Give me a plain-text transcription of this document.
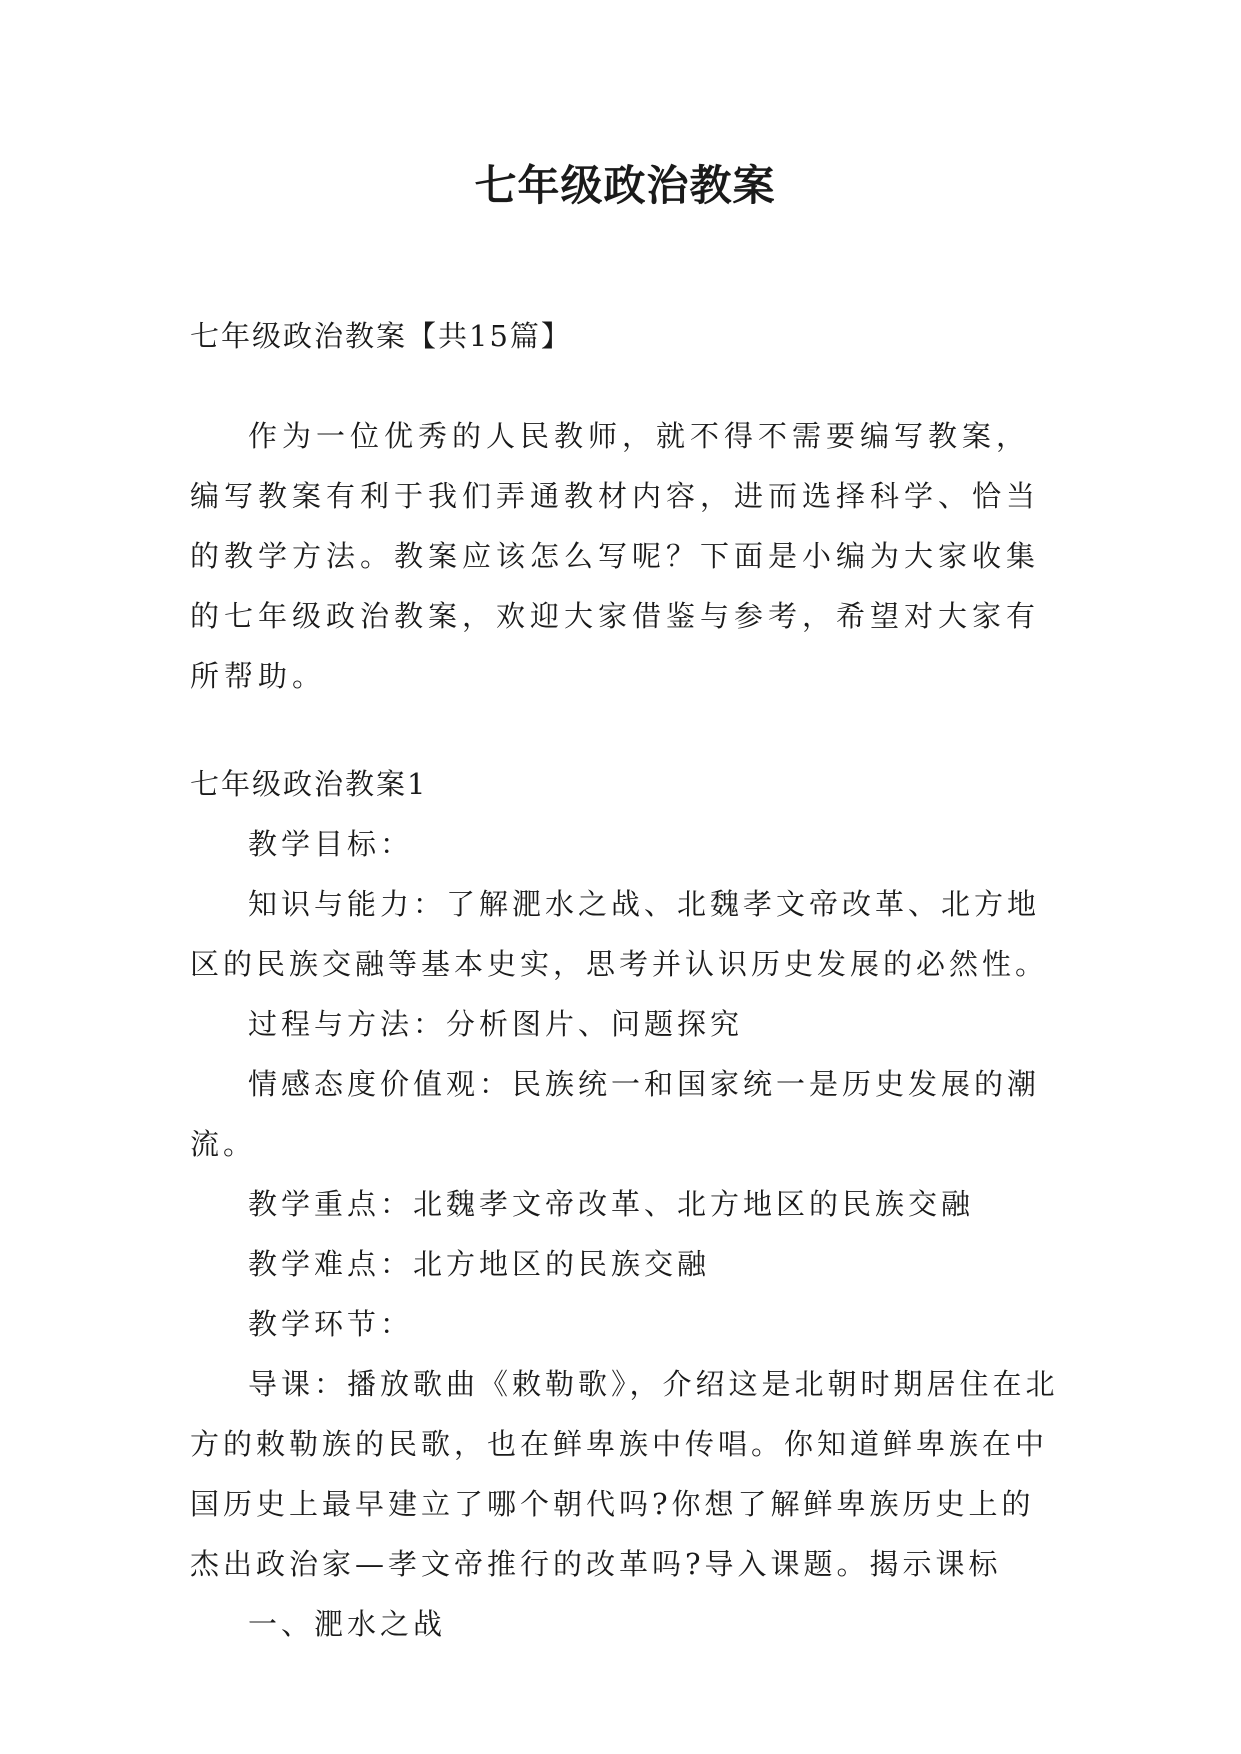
七年级政治教案

七年级政治教案【共15篇】

作为一位优秀的人民教师，就不得不需要编写教案，编写教案有利于我们弄通教材内容，进而选择科学、恰当的教学方法。教案应该怎么写呢？下面是小编为大家收集的七年级政治教案，欢迎大家借鉴与参考，希望对大家有所帮助。

七年级政治教案1

教学目标：

知识与能力：了解淝水之战、北魏孝文帝改革、北方地区的民族交融等基本史实，思考并认识历史发展的必然性。

过程与方法：分析图片、问题探究

情感态度价值观：民族统一和国家统一是历史发展的潮流。

教学重点：北魏孝文帝改革、北方地区的民族交融

教学难点：北方地区的民族交融

教学环节：

导课：播放歌曲《敕勒歌》，介绍这是北朝时期居住在北方的敕勒族的民歌，也在鲜卑族中传唱。你知道鲜卑族在中国历史上最早建立了哪个朝代吗?你想了解鲜卑族历史上的杰出政治家—孝文帝推行的改革吗?导入课题。揭示课标

一、淝水之战
